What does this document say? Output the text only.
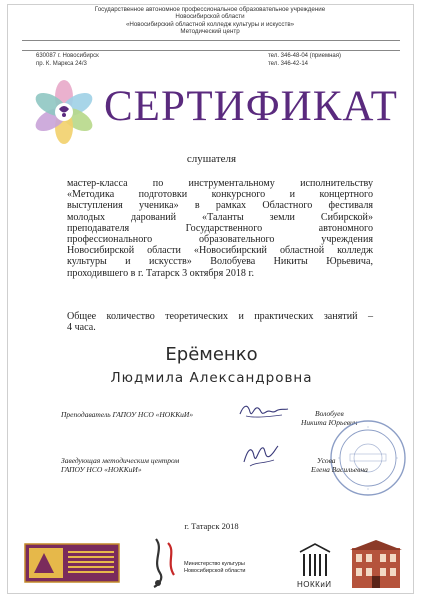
Государственное автономное профессиональное образовательное учреждение
Новосибирской области
«Новосибирский областной колледж культуры и искусств»
Методический центр
630087 г. Новосибирск
пр. К. Маркса 24/3
тел. 346-48-04 (приемная)
тел. 346-42-14
СЕРТИФИКАТ
слушателя

мастер-класса по инструментальному исполнительству

«Методика подготовки конкурсного и концертного

выступления ученика» в рамках Областного фестиваля

молодых дарований «Таланты земли Сибирской»

преподавателя Государственного автономного

профессионального образовательного учреждения

Новосибирской области «Новосибирский областной колледж

культуры и искусств» Волобуева Никиты Юрьевича,

проходившего в г. Татарск 3 октября 2018 г.

Общее количество теоретических и практических занятий –

4 часа.

Ерёменко
Людмила Александровна
Преподаватель ГАПОУ НСО «НОККиИ»	Волобуев
Никита Юрьевич
Заведующая методическим центром
ГАПОУ НСО «НОККиИ»
Усова
Елена Васильевна
г. Татарск 2018
Министерство культуры
Новосибирской области
НОККиИ
